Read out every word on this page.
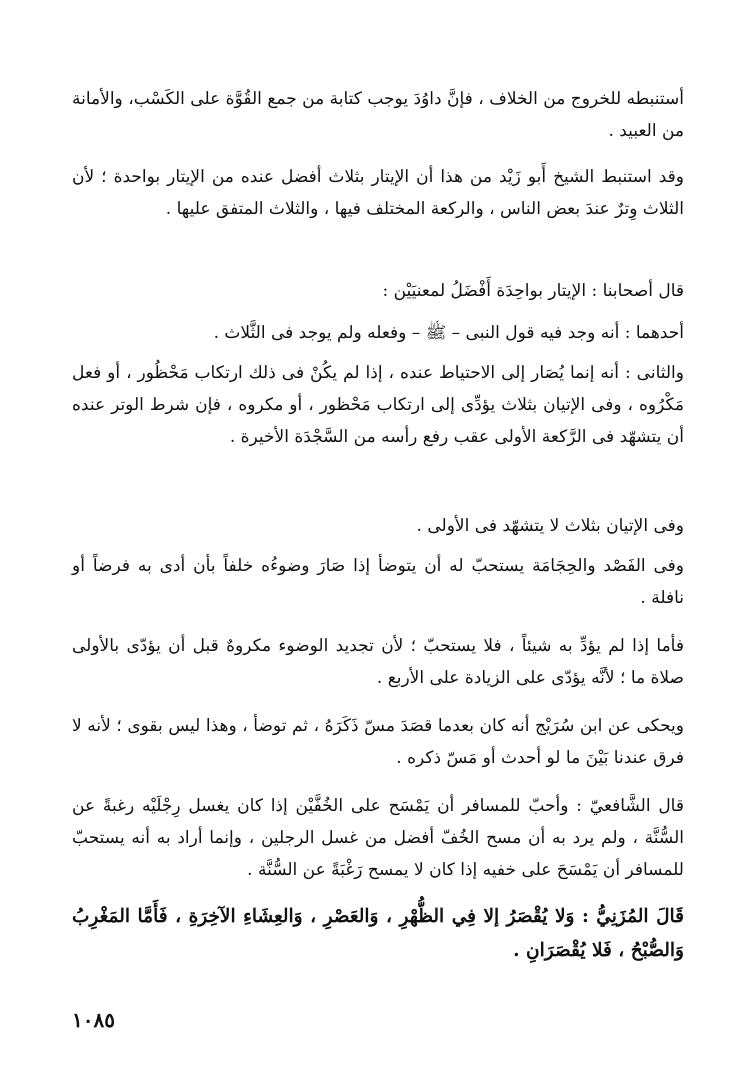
أستنبطه للخروج من الخلاف ، فإنَّ داوُدَ يوجب كتابة من جمع القُوَّة على الكَسْب، والأمانة من العبيد .

وقد استنبط الشيخ أَبو زَيْد من هذا أن الإيتار بثلاث أفضل عنده من الإيتار بواحدة ؛ لأن الثلاث وِترٌ عندَ بعض الناس ، والركعة المختلف فيها ، والثلاث المتفق عليها .

قال أصحابنا : الإيتار بواحِدَة أَفْضَلُ لمعنيَيْن :

أحدهما : أنه وجد فيه قول النبى – ﷺ – وفعله ولم يوجد فى الثَّلاث .

والثانى : أنه إنما يُصَار إلى الاحتياط عنده ، إذا لم يكُنْ فى ذلك ارتكاب مَحْظُور ، أو فعل مَكْرُوه ، وفى الإتيان بثلاث يؤدِّى إلى ارتكاب مَحْظور ، أو مكروه ، فإن شرط الوتر عنده أن يتشهّد فى الرَّكعة الأولى عقب رفع رأسه من السَّجْدَة الأخيرة .

وفى الإتيان بثلاث لا يتشهّد فى الأولى .

وفى الفَصْد والحِجَامَة يستحبّ له أن يتوضأ إذا صَارَ وضوءُه خلفاً بأن أدى به فرضاً أو نافلة .

فأما إذا لم يؤدِّ به شيئاً ، فلا يستحبّ ؛ لأن تجديد الوضوء مكروهٌ قبل أن يؤدّى بالأولى صلاة ما ؛ لأنَّه يؤدّى على الزيادة على الأربع .

ويحكى عن ابن سُرَيْج أنه كان بعدما قصَدَ مسّ ذَكَرَهُ ، ثم توضأ ، وهذا ليس بقوى ؛ لأنه لا فرق عندنا بَيْنَ ما لو أحدث أو مَسّ ذكره .

قال الشَّافعيّ : وأحبّ للمسافر أن يَمْسَح على الخُفَّيْن إذا كان يغسل رِجْلَيْه رغبةً عن السُّنَّة ، ولم يرد به أن مسح الخُفّ أفضل من غسل الرجلين ، وإنما أراد به أنه يستحبّ للمسافر أن يَمْسَحَ على خفيه إذا كان لا يمسح رَغْبَةً عن السُّنَّة .

قَالَ المُزَنِيُّ : وَلا يُقْصَرُ إلا فِي الظُّهْرِ ، وَالعَصْرِ ، وَالعِشَاءِ الآخِرَةِ ، فَأَمَّا المَغْرِبُ وَالصُّبْحُ ، فَلا يُقْصَرَانِ .

١٠٨٥
